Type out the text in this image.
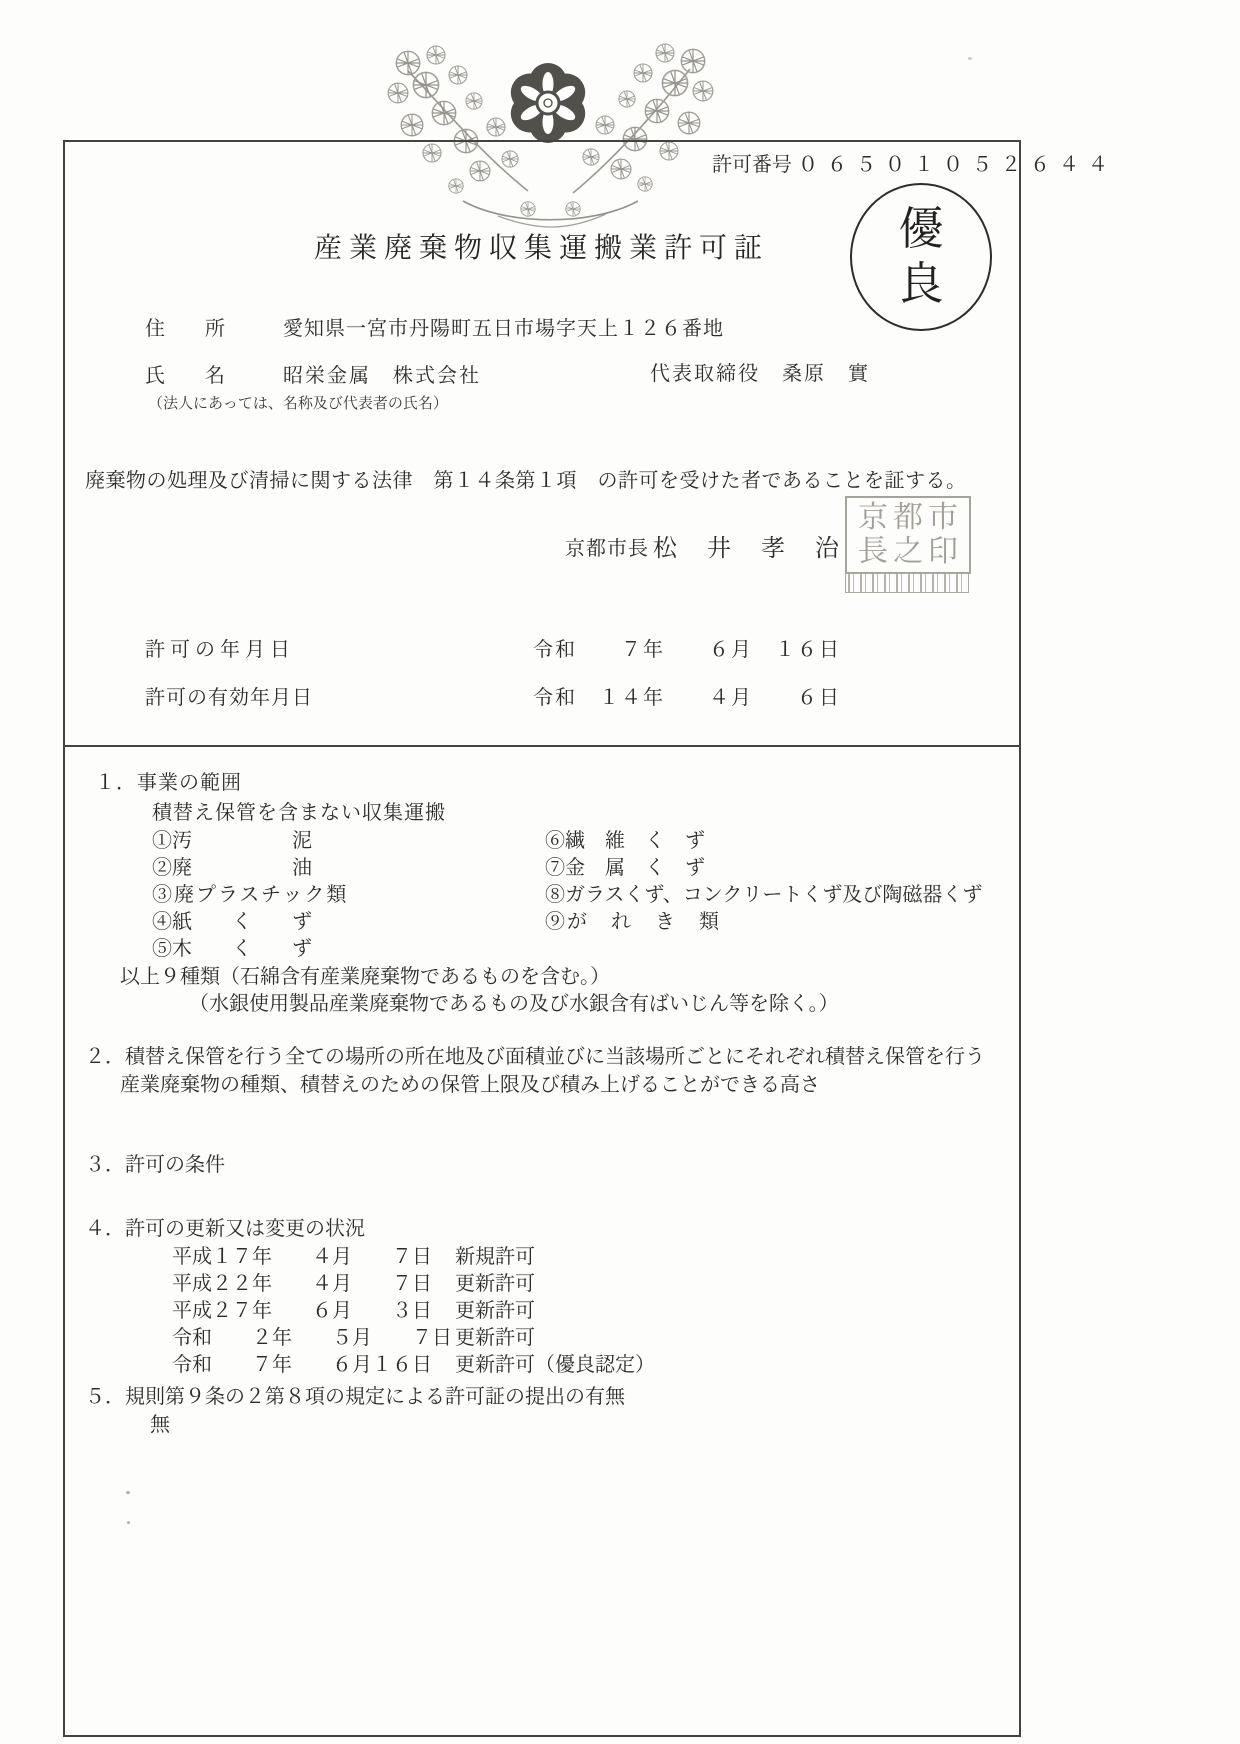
許可番号 ０６５０１０５２６４４
優
良
産業廃棄物収集運搬業許可証
住　　所	愛知県一宮市丹陽町五日市場字天上１２６番地
氏　　名	昭栄金属　株式会社	代表取締役　桑原　實
（法人にあっては、名称及び代表者の氏名）
廃棄物の処理及び清掃に関する法律　第１４条第１項　の許可を受けた者であることを証する。
京都市長 松　井　孝　治
京都市
長之印
許可の年月日	令和　　７年　　６月　１６日
許可の有効年月日	令和　１４年　　４月　　６日
１．事業の範囲
積替え保管を含まない収集運搬
①汚　　　　　泥
②廃　　　　　油
③廃プラスチック類
④紙　　く　　ず
⑤木　　く　　ず
⑥繊　維　く　ず
⑦金　属　く　ず
⑧ガラスくず、コンクリートくず及び陶磁器くず
⑨が　れ　き　類
以上９種類（石綿含有産業廃棄物であるものを含む。）
（水銀使用製品産業廃棄物であるもの及び水銀含有ばいじん等を除く。）
２．積替え保管を行う全ての場所の所在地及び面積並びに当該場所ごとにそれぞれ積替え保管を行う
産業廃棄物の種類、積替えのための保管上限及び積み上げることができる高さ
３．許可の条件
４．許可の更新又は変更の状況
平成１７年　　４月　　７日 新規許可
平成２２年　　４月　　７日 更新許可
平成２７年　　６月　　３日 更新許可
令和　　２年　　５月　　７日 更新許可
令和　　７年　　６月１６日 更新許可（優良認定）
５．規則第９条の２第８項の規定による許可証の提出の有無
無
